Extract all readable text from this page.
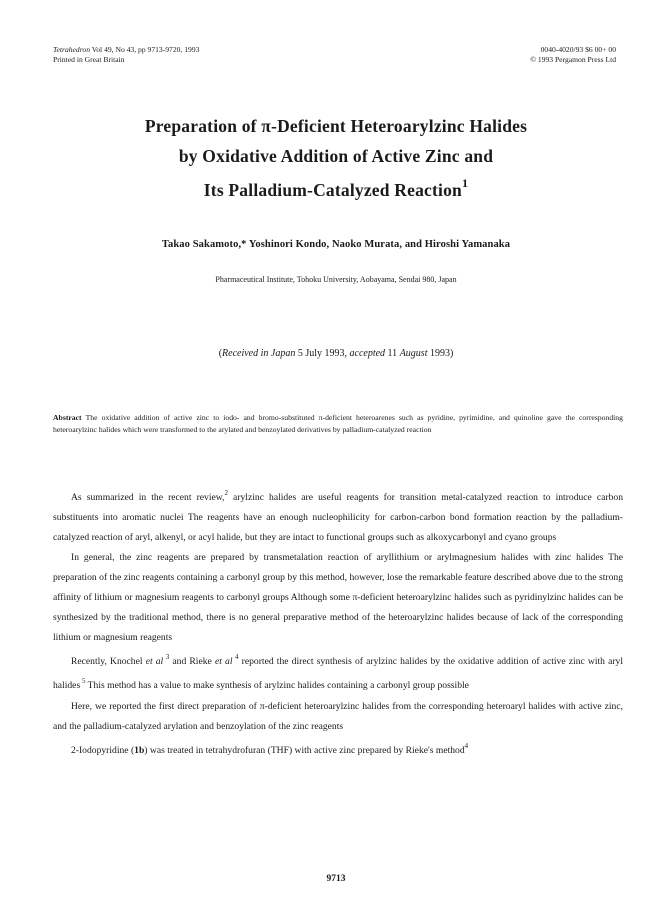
Tetrahedron Vol 49, No 43, pp 9713-9720, 1993
Printed in Great Britain
0040-4020/93 $6 00+ 00
© 1993 Pergamon Press Ltd
Preparation of π-Deficient Heteroarylzinc Halides
by Oxidative Addition of Active Zinc and
Its Palladium-Catalyzed Reaction$^1$
Takao Sakamoto,* Yoshinori Kondo, Naoko Murata, and Hiroshi Yamanaka
Pharmaceutical Institute, Tohoku University, Aobayama, Sendai 980, Japan
(Received in Japan 5 July 1993, accepted 11 August 1993)
Abstract The oxidative addition of active zinc to iodo- and bromo-substituted π-deficient heteroarenes such as pyridine, pyrimidine, and quinoline gave the corresponding heteroarylzinc halides which were transformed to the arylated and benzoylated derivatives by palladium-catalyzed reaction

As summarized in the recent review,$^2$ arylzinc halides are useful reagents for transition metal-catalyzed reaction to introduce carbon substituents into aromatic nuclei The reagents have an enough nucleophilicity for carbon-carbon bond formation reaction by the palladium-catalyzed reaction of aryl, alkenyl, or acyl halide, but they are intact to functional groups such as alkoxycarbonyl and cyano groups

In general, the zinc reagents are prepared by transmetalation reaction of aryllithium or arylmagnesium halides with zinc halides The preparation of the zinc reagents containing a carbonyl group by this method, however, lose the remarkable feature described above due to the strong affinity of lithium or magnesium reagents to carbonyl groups Although some π-deficient heteroarylzinc halides such as pyridinylzinc halides can be synthesized by the traditional method, there is no general preparative method of the heteroarylzinc halides because of lack of the corresponding lithium or magnesium reagents

Recently, Knochel et al $^3$ and Rieke et al $^4$ reported the direct synthesis of arylzinc halides by the oxidative addition of active zinc with aryl halides $^5$ This method has a value to make synthesis of arylzinc halides containing a carbonyl group possible

Here, we reported the first direct preparation of π-deficient heteroarylzinc halides from the corresponding heteroaryl halides with active zinc, and the palladium-catalyzed arylation and benzoylation of the zinc reagents

2-Iodopyridine (1b) was treated in tetrahydrofuran (THF) with active zinc prepared by Rieke's method$^4$

9713
